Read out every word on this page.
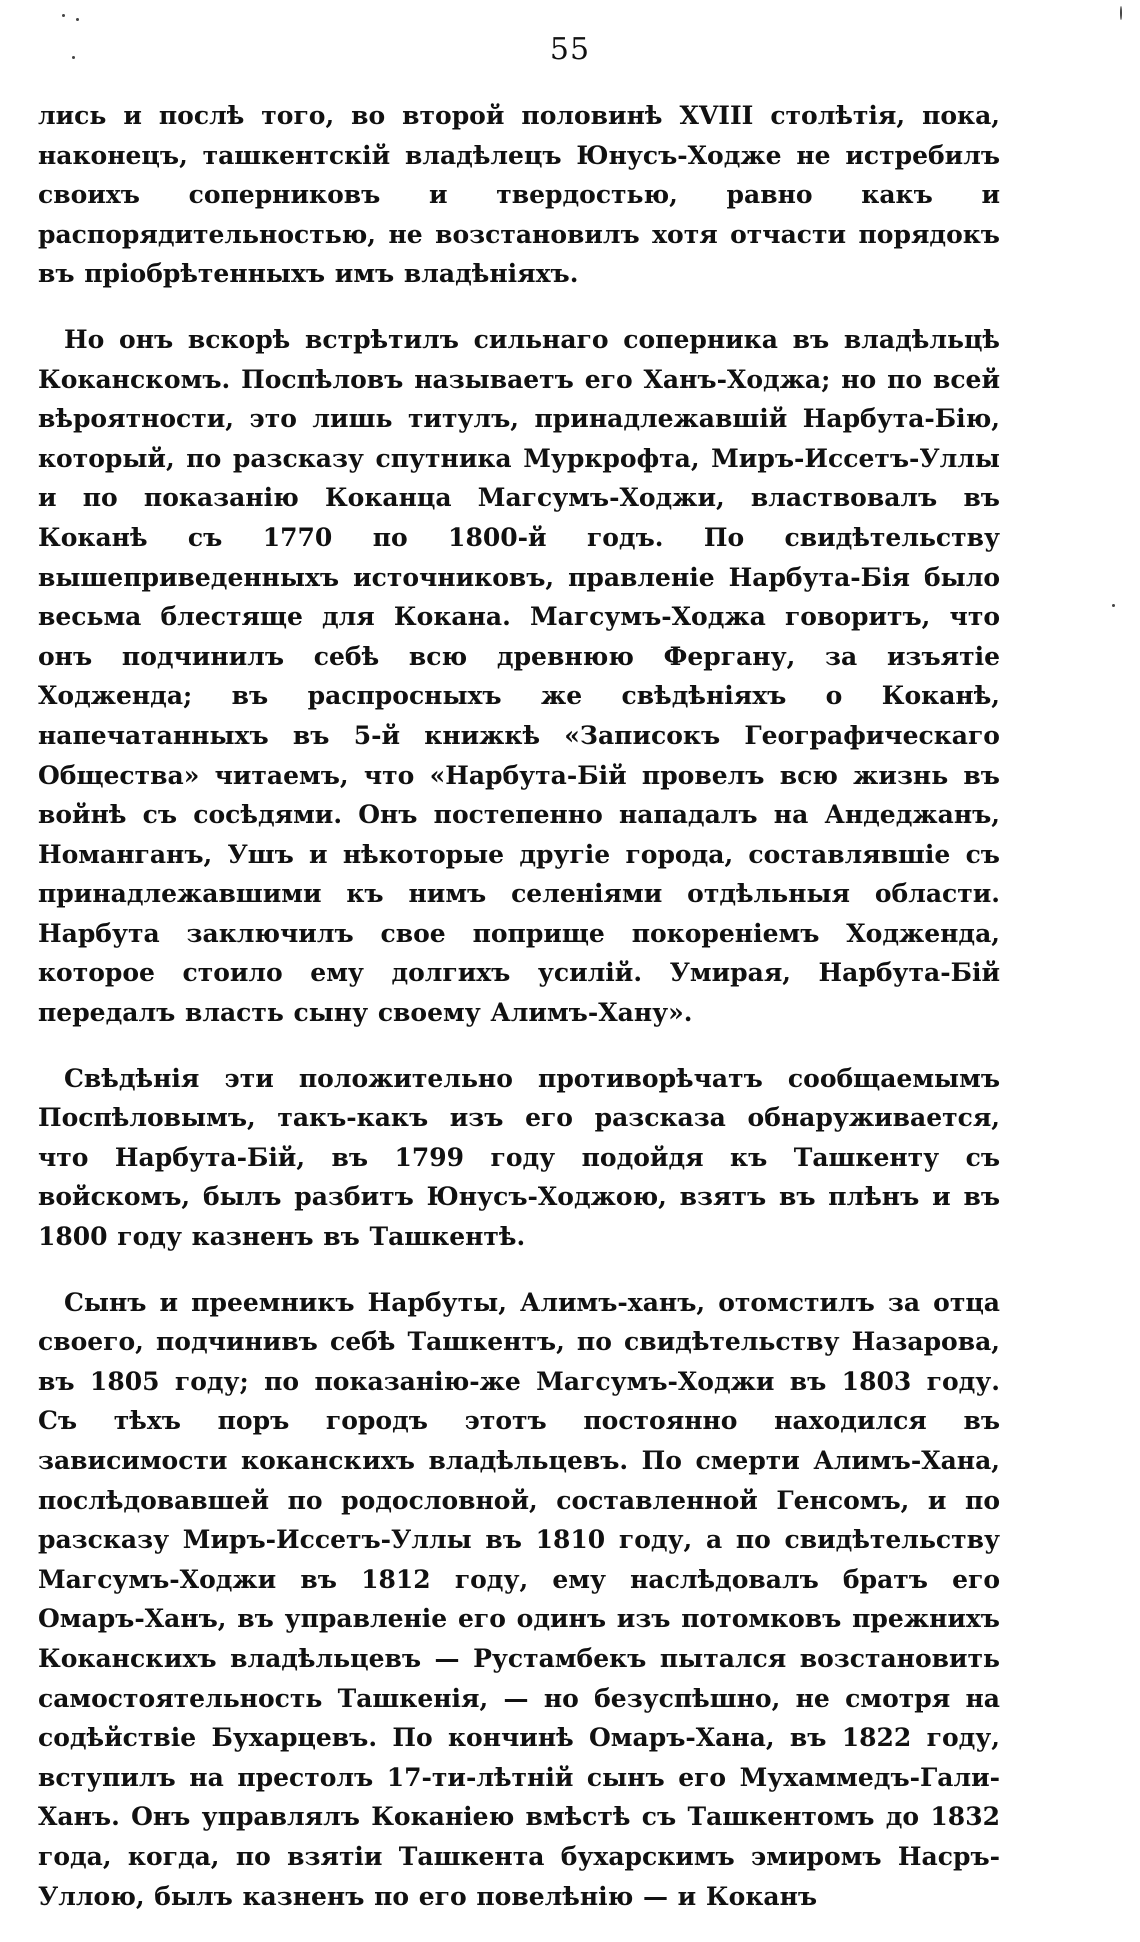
55

лись и послѣ того, во второй половинѣ XVIII столѣтія, пока, наконецъ, ташкентскій владѣлецъ Юнусъ-Ходже не истребилъ своихъ соперниковъ и твердостью, равно какъ и распорядительностью, не возстановилъ хотя отчасти порядокъ въ пріобрѣтенныхъ имъ владѣніяхъ.

Но онъ вскорѣ встрѣтилъ сильнаго соперника въ владѣльцѣ Кокансκомъ. Поспѣловъ называетъ его Ханъ-Ходжа; но по всей вѣроятности, это лишь титулъ, принадлежавшій Нарбута-Бію, который, по разсказу спутника Муркрофта, Миръ-Иссетъ-Уллы и по показанію Коканца Магсумъ-Ходжи, властвовалъ въ Коканѣ съ 1770 по 1800-й годъ. По свидѣтельству вышеприведенныхъ источниковъ, правленіе Нарбута-Бія было весьма блестяще для Кокана. Магсумъ-Ходжа говоритъ, что онъ подчинилъ себѣ всю древнюю Фергану, за изъятіе Ходженда; въ распросныхъ же свѣдѣніяхъ о Коканѣ, напечатанныхъ въ 5-й книжкѣ «Записокъ Географическаго Общества» читаемъ, что «Нарбута-Бій провелъ всю жизнь въ войнѣ съ сосѣдями. Онъ постепенно нападалъ на Андеджанъ, Номанганъ, Ушъ и нѣкоторые другіе города, составлявшіе съ принадлежавшими къ нимъ селеніями отдѣльныя области. Нарбута заключилъ свое поприще покореніемъ Ходженда, которое стоило ему долгихъ усилій. Умирая, Нарбута-Бій передалъ власть сыну своему Алимъ-Хану».

Свѣдѣнія эти положительно противорѣчатъ сообщаемымъ Поспѣловымъ, такъ-какъ изъ его разсказа обнаруживается, что Нарбута-Бій, въ 1799 году подойдя къ Ташкенту съ войскомъ, былъ разбитъ Юнусъ-Ходжою, взятъ въ плѣнъ и въ 1800 году казненъ въ Ташкентѣ.

Сынъ и преемникъ Нарбуты, Алимъ-ханъ, отомстилъ за отца своего, подчинивъ себѣ Ташкентъ, по свидѣтельству Назарова, въ 1805 году; по показанію-же Магсумъ-Ходжи въ 1803 году. Съ тѣхъ поръ городъ этотъ постоянно находился въ зависимости кокансκихъ владѣльцевъ. По смерти Алимъ-Хана, послѣдовавшей по родословной, составленной Генсомъ, и по разсказу Миръ-Иссетъ-Уллы въ 1810 году, а по свидѣтельству Магсумъ-Ходжи въ 1812 году, ему наслѣдовалъ братъ его Омаръ-Ханъ, въ управленіе его одинъ изъ потомковъ прежнихъ Кокансκихъ владѣльцевъ — Рустамбекъ пытался возстановить самостоятельность Ташкенія, — но безуспѣшно, не смотря на содѣйствіе Бухарцевъ. По кончинѣ Омаръ-Хана, въ 1822 году, вступилъ на престолъ 17-ти-лѣтній сынъ его Мухаммедъ-Гали-Ханъ. Онъ управлялъ Коканіею вмѣстѣ съ Ташкентомъ до 1832 года, когда, по взятіи Ташкента бухарскимъ эмиромъ Насръ-Уллою, былъ казненъ по его повелѣнію — и Коканъ
